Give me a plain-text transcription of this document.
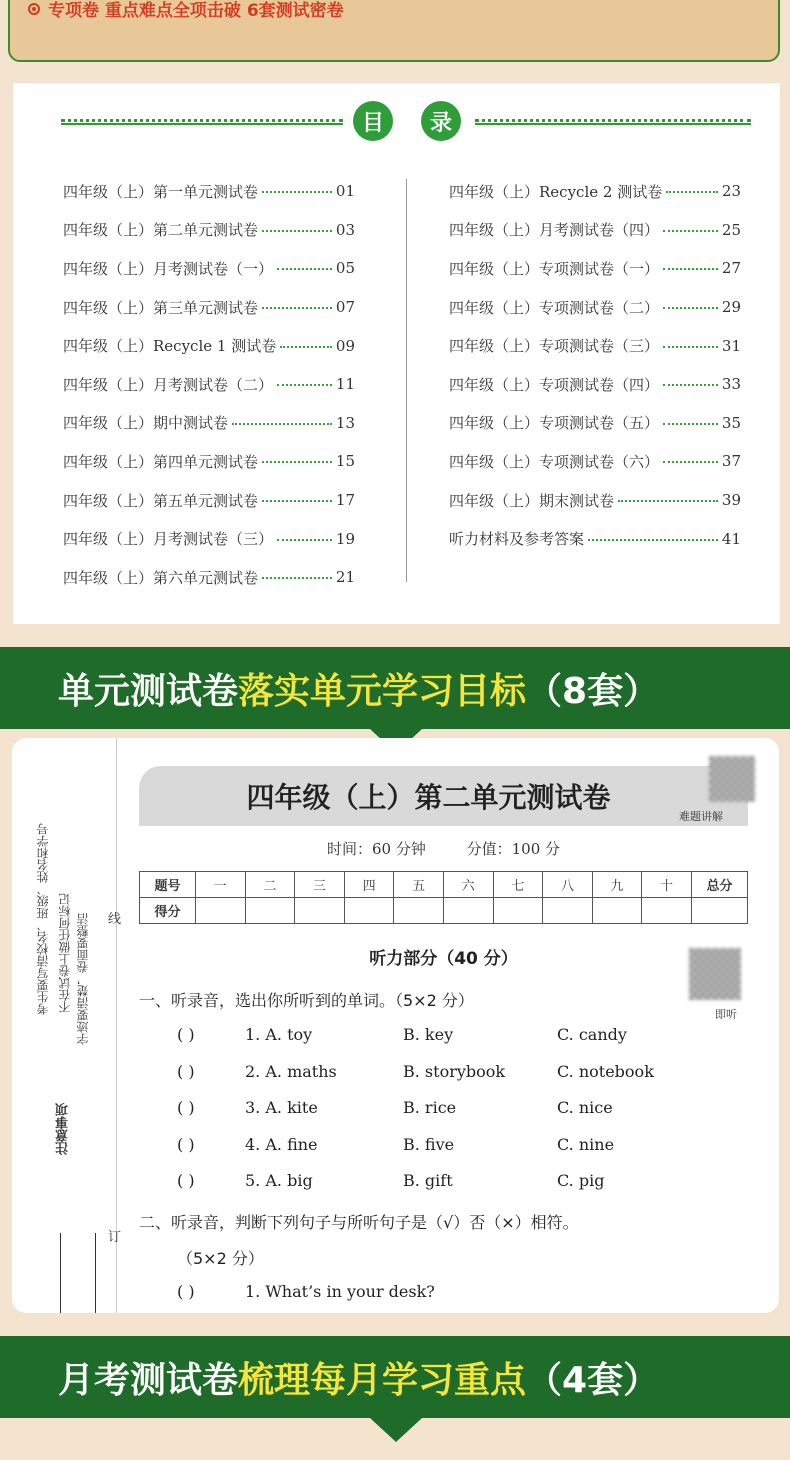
专项卷 重点难点全项击破 6套测试密卷
目	录
四年级（上）第一单元测试卷	01
四年级（上）第二单元测试卷	03
四年级（上）月考测试卷（一）	05
四年级（上）第三单元测试卷	07
四年级（上）Recycle 1 测试卷	09
四年级（上）月考测试卷（二）	11
四年级（上）期中测试卷	13
四年级（上）第四单元测试卷	15
四年级（上）第五单元测试卷	17
四年级（上）月考测试卷（三）	19
四年级（上）第六单元测试卷	21
四年级（上）Recycle 2 测试卷	23
四年级（上）月考测试卷（四）	25
四年级（上）专项测试卷（一）	27
四年级（上）专项测试卷（二）	29
四年级（上）专项测试卷（三）	31
四年级（上）专项测试卷（四）	33
四年级（上）专项测试卷（五）	35
四年级（上）专项测试卷（六）	37
四年级（上）期末测试卷	39
听力材料及参考答案	41
单元测试卷 落实单元学习目标 （8套）
考生要写清校名、班级、姓名和学号 不在试卷上做任何标记 字迹要清楚，卷面要整洁
注意事项
线
订
四年级（上）第二单元测试卷
难题讲解
时间：60 分钟	分值：100 分
题号	一	二	三	四	五	六	七	八	九	十	总分
得分											
听力部分（40 分）
即听
一、听录音，选出你所听到的单词。（5×2 分）
( )	1. A. toy	B. key	C. candy
( )	2. A. maths	B. storybook	C. notebook
( )	3. A. kite	B. rice	C. nice
( )	4. A. fine	B. five	C. nine
( )	5. A. big	B. gift	C. pig
二、听录音，判断下列句子与所听句子是（√）否（×）相符。
（5×2 分）
( )	1. What’s in your desk?
月考测试卷 梳理每月学习重点 （4套）
